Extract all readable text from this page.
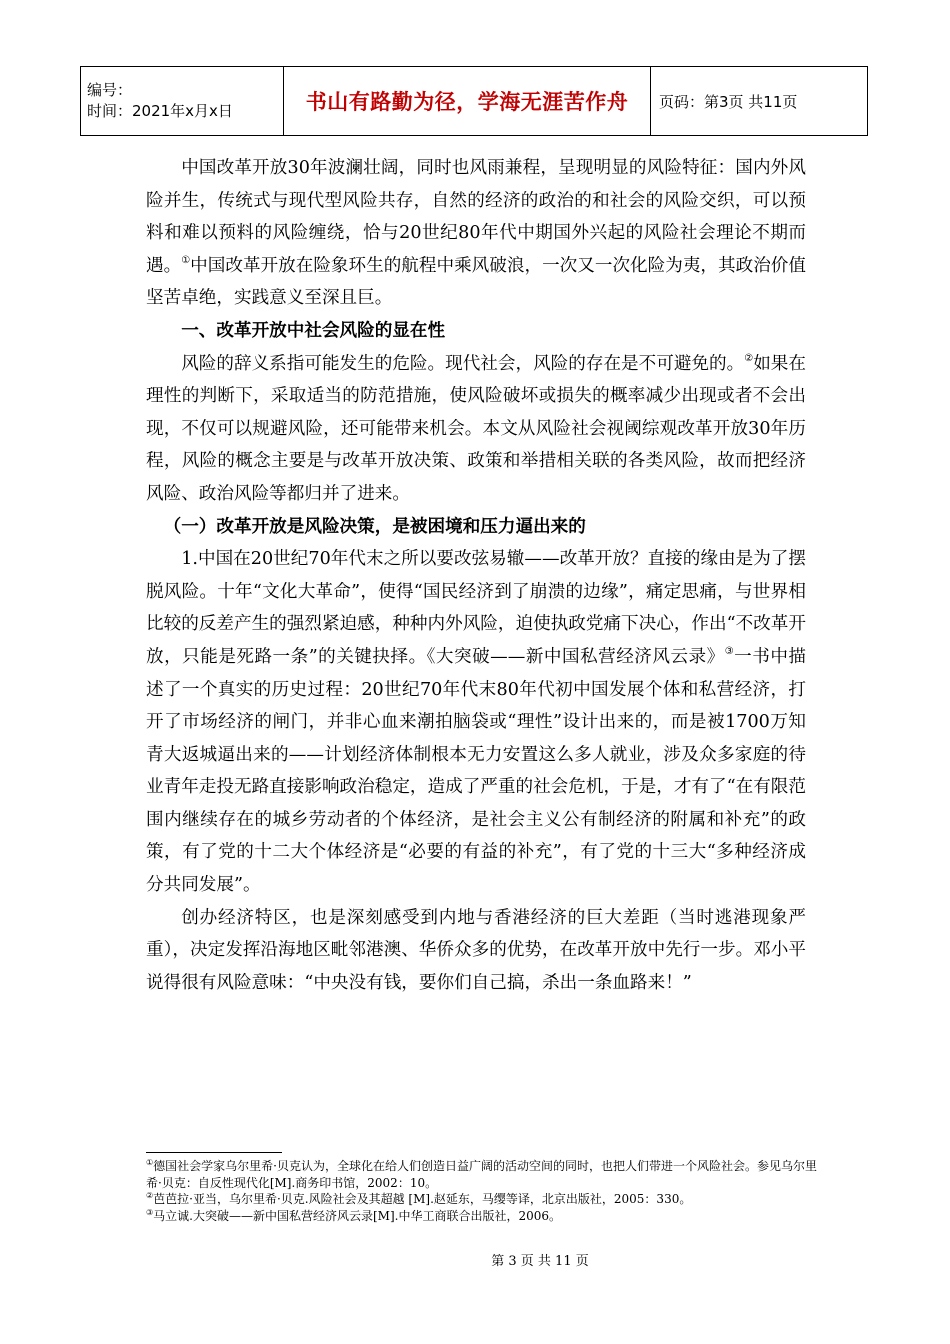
编号：
时间：2021年x月x日	书山有路勤为径，学海无涯苦作舟	页码：第3页 共11页

中国改革开放30年波澜壮阔，同时也风雨兼程，呈现明显的风险特征：国内外风险并生，传统式与现代型风险共存，自然的经济的政治的和社会的风险交织，可以预料和难以预料的风险缠绕，恰与20世纪80年代中期国外兴起的风险社会理论不期而遇。①中国改革开放在险象环生的航程中乘风破浪，一次又一次化险为夷，其政治价值坚苦卓绝，实践意义至深且巨。

一、改革开放中社会风险的显在性

风险的辞义系指可能发生的危险。现代社会，风险的存在是不可避免的。②如果在理性的判断下，采取适当的防范措施，使风险破坏或损失的概率减少出现或者不会出现，不仅可以规避风险，还可能带来机会。本文从风险社会视阈综观改革开放30年历程，风险的概念主要是与改革开放决策、政策和举措相关联的各类风险，故而把经济风险、政治风险等都归并了进来。

（一）改革开放是风险决策，是被困境和压力逼出来的

1.中国在20世纪70年代末之所以要改弦易辙——改革开放？直接的缘由是为了摆脱风险。十年“文化大革命”，使得“国民经济到了崩溃的边缘”，痛定思痛，与世界相比较的反差产生的强烈紧迫感，种种内外风险，迫使执政党痛下决心，作出“不改革开放，只能是死路一条”的关键抉择。《大突破——新中国私营经济风云录》③一书中描述了一个真实的历史过程：20世纪70年代末80年代初中国发展个体和私营经济，打开了市场经济的闸门，并非心血来潮拍脑袋或“理性”设计出来的，而是被1700万知青大返城逼出来的——计划经济体制根本无力安置这么多人就业，涉及众多家庭的待业青年走投无路直接影响政治稳定，造成了严重的社会危机，于是，才有了“在有限范围内继续存在的城乡劳动者的个体经济，是社会主义公有制经济的附属和补充”的政策，有了党的十二大个体经济是“必要的有益的补充”，有了党的十三大“多种经济成分共同发展”。

创办经济特区，也是深刻感受到内地与香港经济的巨大差距（当时逃港现象严重），决定发挥沿海地区毗邻港澳、华侨众多的优势，在改革开放中先行一步。邓小平说得很有风险意味：“中央没有钱，要你们自己搞，杀出一条血路来！”

①德国社会学家乌尔里希·贝克认为，全球化在给人们创造日益广阔的活动空间的同时，也把人们带进一个风险社会。参见乌尔里希·贝克：自反性现代化[M].商务印书馆，2002：10。
②芭芭拉·亚当，乌尔里希·贝克.风险社会及其超越 [M].赵延东，马缨等译，北京出版社，2005：330。
③马立诚.大突破——新中国私营经济风云录[M].中华工商联合出版社，2006。
第 3 页 共 11 页
